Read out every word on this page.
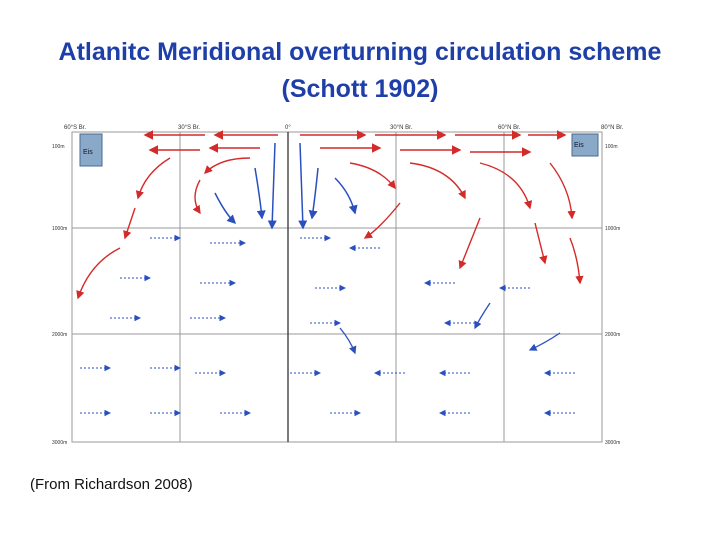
Atlanitc Meridional overturning circulation scheme
(Schott 1902)
60°S Br.	30°S Br.	0°	30°N Br.	60°N Br.	80°N Br.
100m
1000m
2000m
3000m
100m
1000m
2000m
3000m
Eis
Eis
(From Richardson 2008)
